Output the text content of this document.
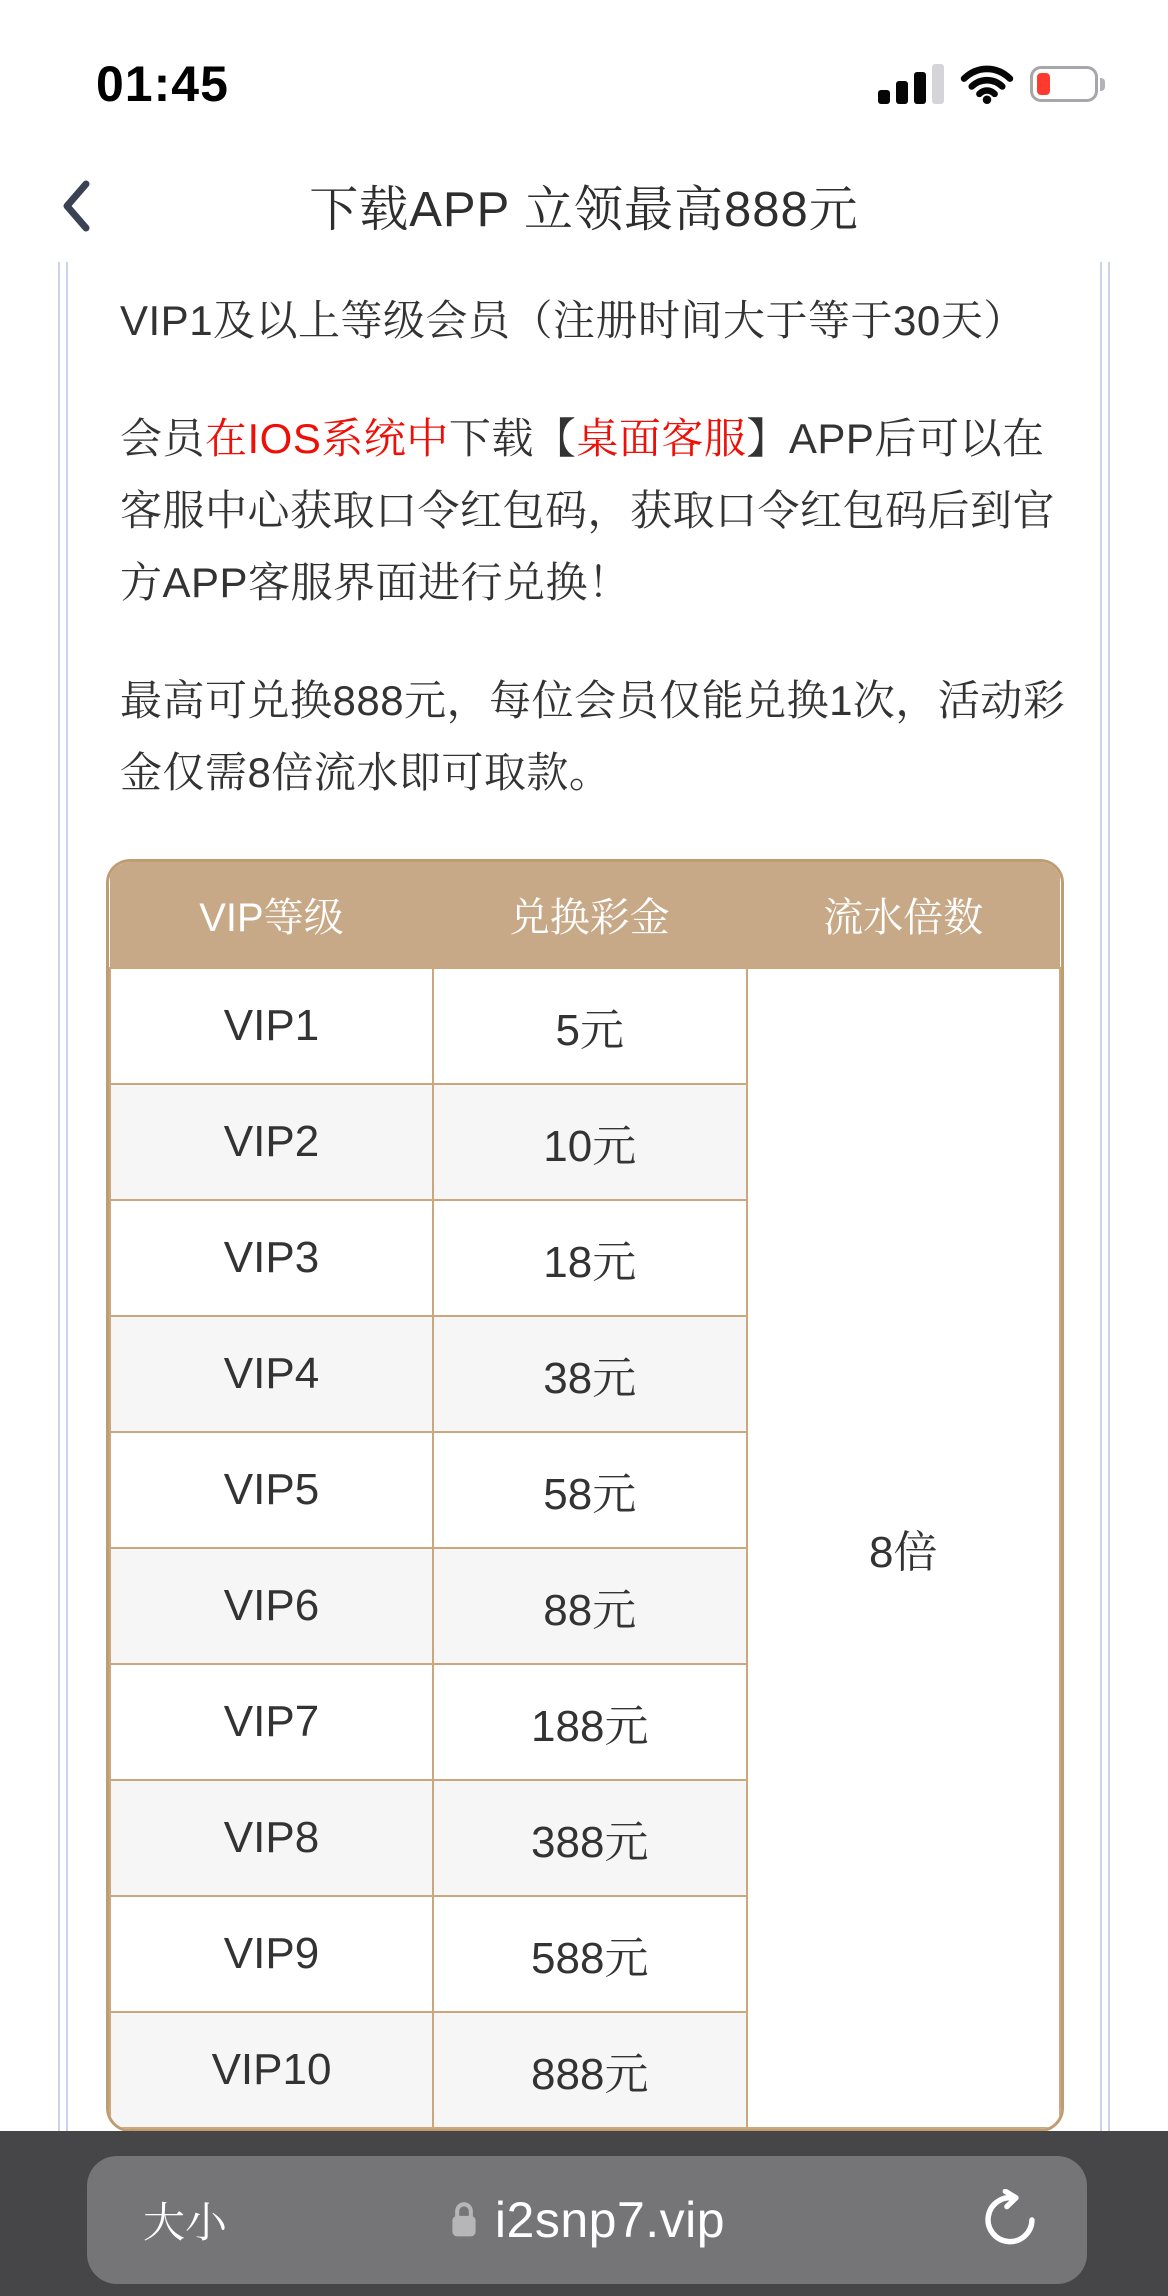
01:45
下载APP 立领最高888元

VIP1及以上等级会员（注册时间大于等于30天）

会员在IOS系统中下载【桌面客服】APP后可以在客服中心获取口令红包码，获取口令红包码后到官方APP客服界面进行兑换！

最高可兑换888元，每位会员仅能兑换1次，活动彩金仅需8倍流水即可取款。

VIP等级	兑换彩金	流水倍数
VIP1	5元	8倍
VIP2	10元	
VIP3	18元	
VIP4	38元	
VIP5	58元	
VIP6	88元	
VIP7	188元	
VIP8	388元	
VIP9	588元	
VIP10	888元	
大小	i2snp7.vip
